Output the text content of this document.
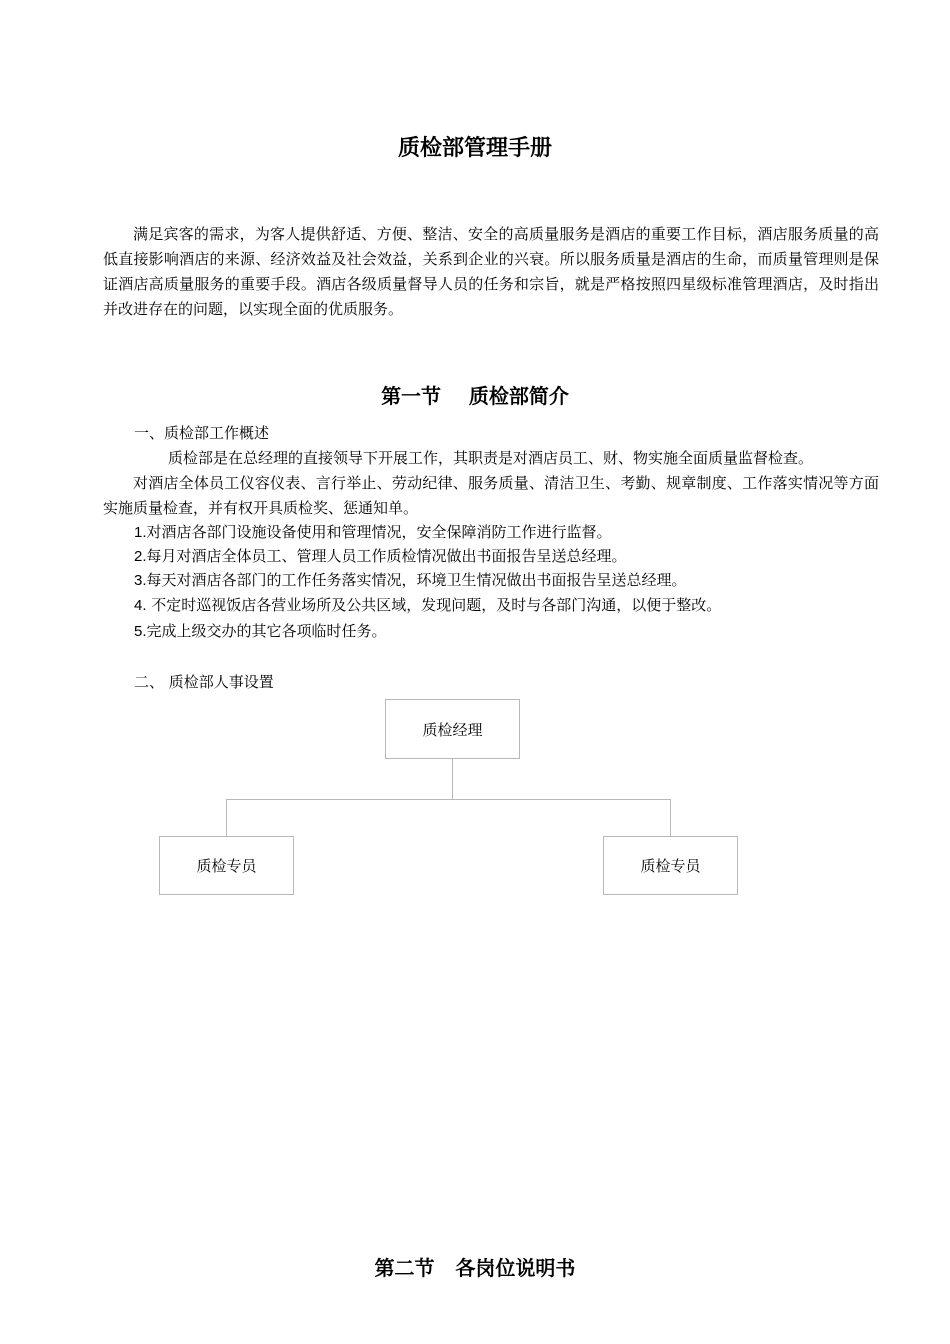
质检部管理手册

满足宾客的需求，为客人提供舒适、方便、整洁、安全的高质量服务是酒店的重要工作目标，酒店服务质量的高低直接影响酒店的来源、经济效益及社会效益，关系到企业的兴衰。所以服务质量是酒店的生命，而质量管理则是保证酒店高质量服务的重要手段。酒店各级质量督导人员的任务和宗旨，就是严格按照四星级标准管理酒店，及时指出并改进存在的问题，以实现全面的优质服务。

第一节    质检部简介

一、质检部工作概述

质检部是在总经理的直接领导下开展工作，其职责是对酒店员工、财、物实施全面质量监督检查。
对酒店全体员工仪容仪表、言行举止、劳动纪律、服务质量、清洁卫生、考勤、规章制度、工作落实情况等方面实施质量检查，并有权开具质检奖、惩通知单。

1.对酒店各部门设施设备使用和管理情况，安全保障消防工作进行监督。

2.每月对酒店全体员工、管理人员工作质检情况做出书面报告呈送总经理。

3.每天对酒店各部门的工作任务落实情况，环境卫生情况做出书面报告呈送总经理。

4. 不定时巡视饭店各营业场所及公共区域，发现问题，及时与各部门沟通，以便于整改。

5.完成上级交办的其它各项临时任务。

二、 质检部人事设置

质检经理
质检专员	质检专员
第二节   各岗位说明书
